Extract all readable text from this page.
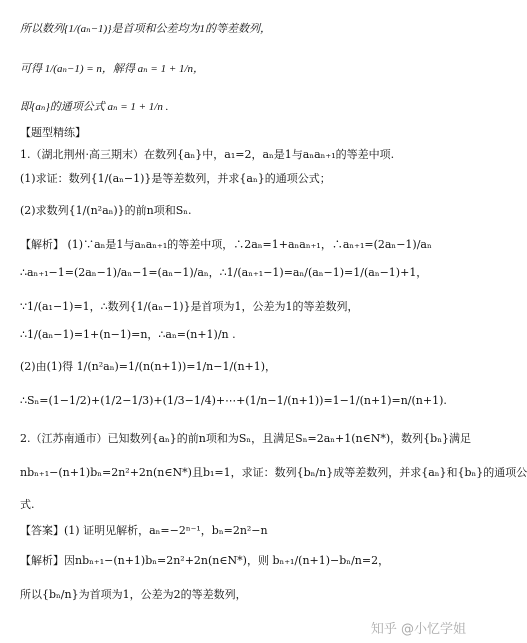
所以数列{1/(aₙ−1)}是首项和公差均为1的等差数列，
可得 1/(aₙ−1) = n，解得 aₙ = 1 + 1/n，
即{aₙ}的通项公式 aₙ = 1 + 1/n .
【题型精练】
1.（湖北荆州·高三期末）在数列{aₙ}中，a₁=2，aₙ是1与aₙaₙ₊₁的等差中项.
(1)求证：数列{1/(aₙ−1)}是等差数列，并求{aₙ}的通项公式；
(2)求数列{1/(n²aₙ)}的前n项和Sₙ.
【解析】 (1)∵aₙ是1与aₙaₙ₊₁的等差中项，∴2aₙ=1+aₙaₙ₊₁，∴aₙ₊₁=(2aₙ−1)/aₙ
∴aₙ₊₁−1=(2aₙ−1)/aₙ−1=(aₙ−1)/aₙ，∴1/(aₙ₊₁−1)=aₙ/(aₙ−1)=1/(aₙ−1)+1，
∵1/(a₁−1)=1，∴数列{1/(aₙ−1)}是首项为1，公差为1的等差数列，
∴1/(aₙ−1)=1+(n−1)=n，∴aₙ=(n+1)/n .
(2)由(1)得 1/(n²aₙ)=1/(n(n+1))=1/n−1/(n+1)，
∴Sₙ=(1−1/2)+(1/2−1/3)+(1/3−1/4)+⋯+(1/n−1/(n+1))=1−1/(n+1)=n/(n+1).
2.（江苏南通市）已知数列{aₙ}的前n项和为Sₙ，且满足Sₙ=2aₙ+1(n∈N*)，数列{bₙ}满足
nbₙ₊₁−(n+1)bₙ=2n²+2n(n∈N*)且b₁=1，求证：数列{bₙ/n}成等差数列，并求{aₙ}和{bₙ}的通项公
式.
【答案】(1) 证明见解析，aₙ=−2ⁿ⁻¹，bₙ=2n²−n
【解析】因nbₙ₊₁−(n+1)bₙ=2n²+2n(n∈N*)，则 bₙ₊₁/(n+1)−bₙ/n=2，
所以{bₙ/n}为首项为1，公差为2的等差数列，
知乎 @小忆学姐
